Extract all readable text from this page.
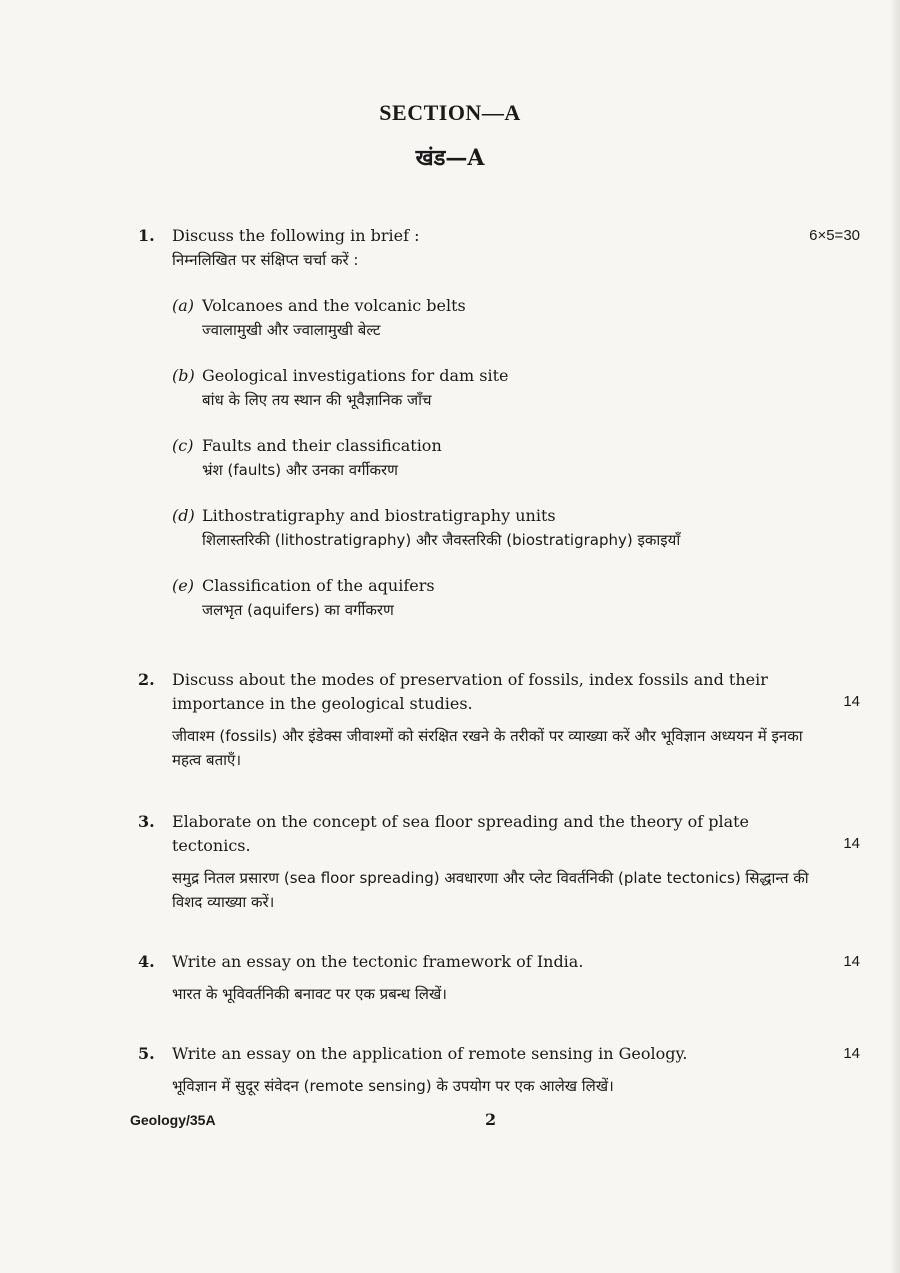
SECTION—A
खंड—A
1.	6×5=30
Discuss the following in brief :
निम्नलिखित पर संक्षिप्त चर्चा करें :
(a) Volcanoes and the volcanic belts
ज्वालामुखी और ज्वालामुखी बेल्ट
(b) Geological investigations for dam site
बांध के लिए तय स्थान की भूवैज्ञानिक जाँच
(c) Faults and their classification
भ्रंश (faults) और उनका वर्गीकरण
(d) Lithostratigraphy and biostratigraphy units
शिलास्तरिकी (lithostratigraphy) और जैवस्तरिकी (biostratigraphy) इकाइयाँ
(e) Classification of the aquifers
जलभृत (aquifers) का वर्गीकरण
2.
14
Discuss about the modes of preservation of fossils, index fossils and their importance in the geological studies.
जीवाश्म (fossils) और इंडेक्स जीवाश्मों को संरक्षित रखने के तरीकों पर व्याख्या करें और भूविज्ञान अध्ययन में इनका महत्व बताएँ।
3.
14
Elaborate on the concept of sea floor spreading and the theory of plate tectonics.
समुद्र नितल प्रसारण (sea floor spreading) अवधारणा और प्लेट विवर्तनिकी (plate tectonics) सिद्धान्त की विशद व्याख्या करें।
4.	14
Write an essay on the tectonic framework of India.
भारत के भूविवर्तनिकी बनावट पर एक प्रबन्ध लिखें।
5.	14
Write an essay on the application of remote sensing in Geology.
भूविज्ञान में सुदूर संवेदन (remote sensing) के उपयोग पर एक आलेख लिखें।
Geology/35A	2
